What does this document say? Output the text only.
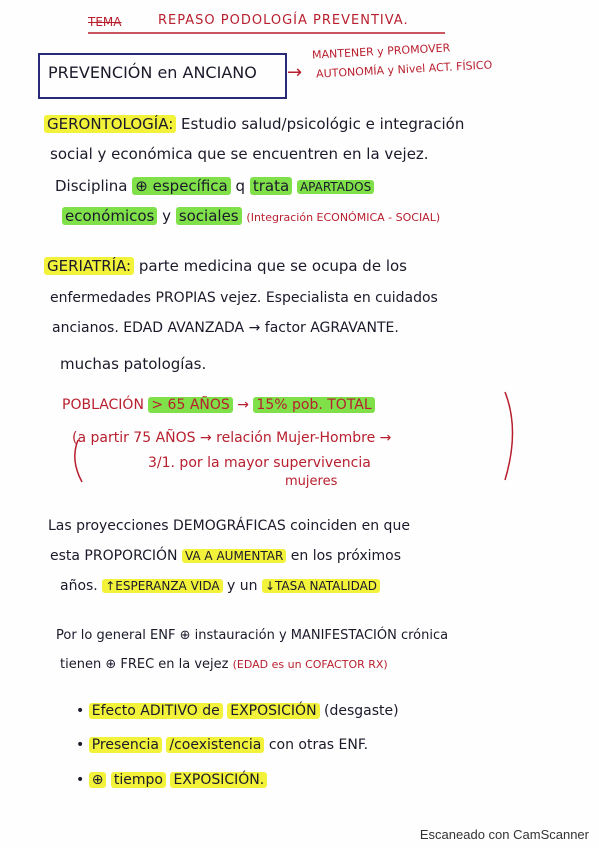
TEMA	REPASO PODOLOGÍA PREVENTIVA.
PREVENCIÓN en ANCIANO →
MANTENER y PROMOVER
AUTONOMÍA y Nivel ACT. FÍSICO
GERONTOLOGÍA: Estudio salud/psicológic e integración
social y económica que se encuentren en la vejez.
Disciplina ⊕ específica q trata APARTADOS
económicos y sociales (Integración ECONÓMICA - SOCIAL)
GERIATRÍA: parte medicina que se ocupa de los
enfermedades PROPIAS vejez. Especialista en cuidados
ancianos. EDAD AVANZADA → factor AGRAVANTE.
muchas patologías.
POBLACIÓN > 65 AÑOS → 15% pob. TOTAL
(a partir 75 AÑOS → relación Mujer-Hombre →
3/1. por la mayor supervivencia
mujeres
Las proyecciones DEMOGRÁFICAS coinciden en que
esta PROPORCIÓN VA A AUMENTAR en los próximos
años. ↑ESPERANZA VIDA y un ↓TASA NATALIDAD
Por lo general ENF ⊕ instauración y MANIFESTACIÓN crónica
tienen ⊕ FREC en la vejez (EDAD es un COFACTOR RX)
• Efecto ADITIVO de EXPOSICIÓN (desgaste)
• Presencia /coexistencia con otras ENF.
• ⊕ tiempo EXPOSICIÓN.
Escaneado con CamScanner
